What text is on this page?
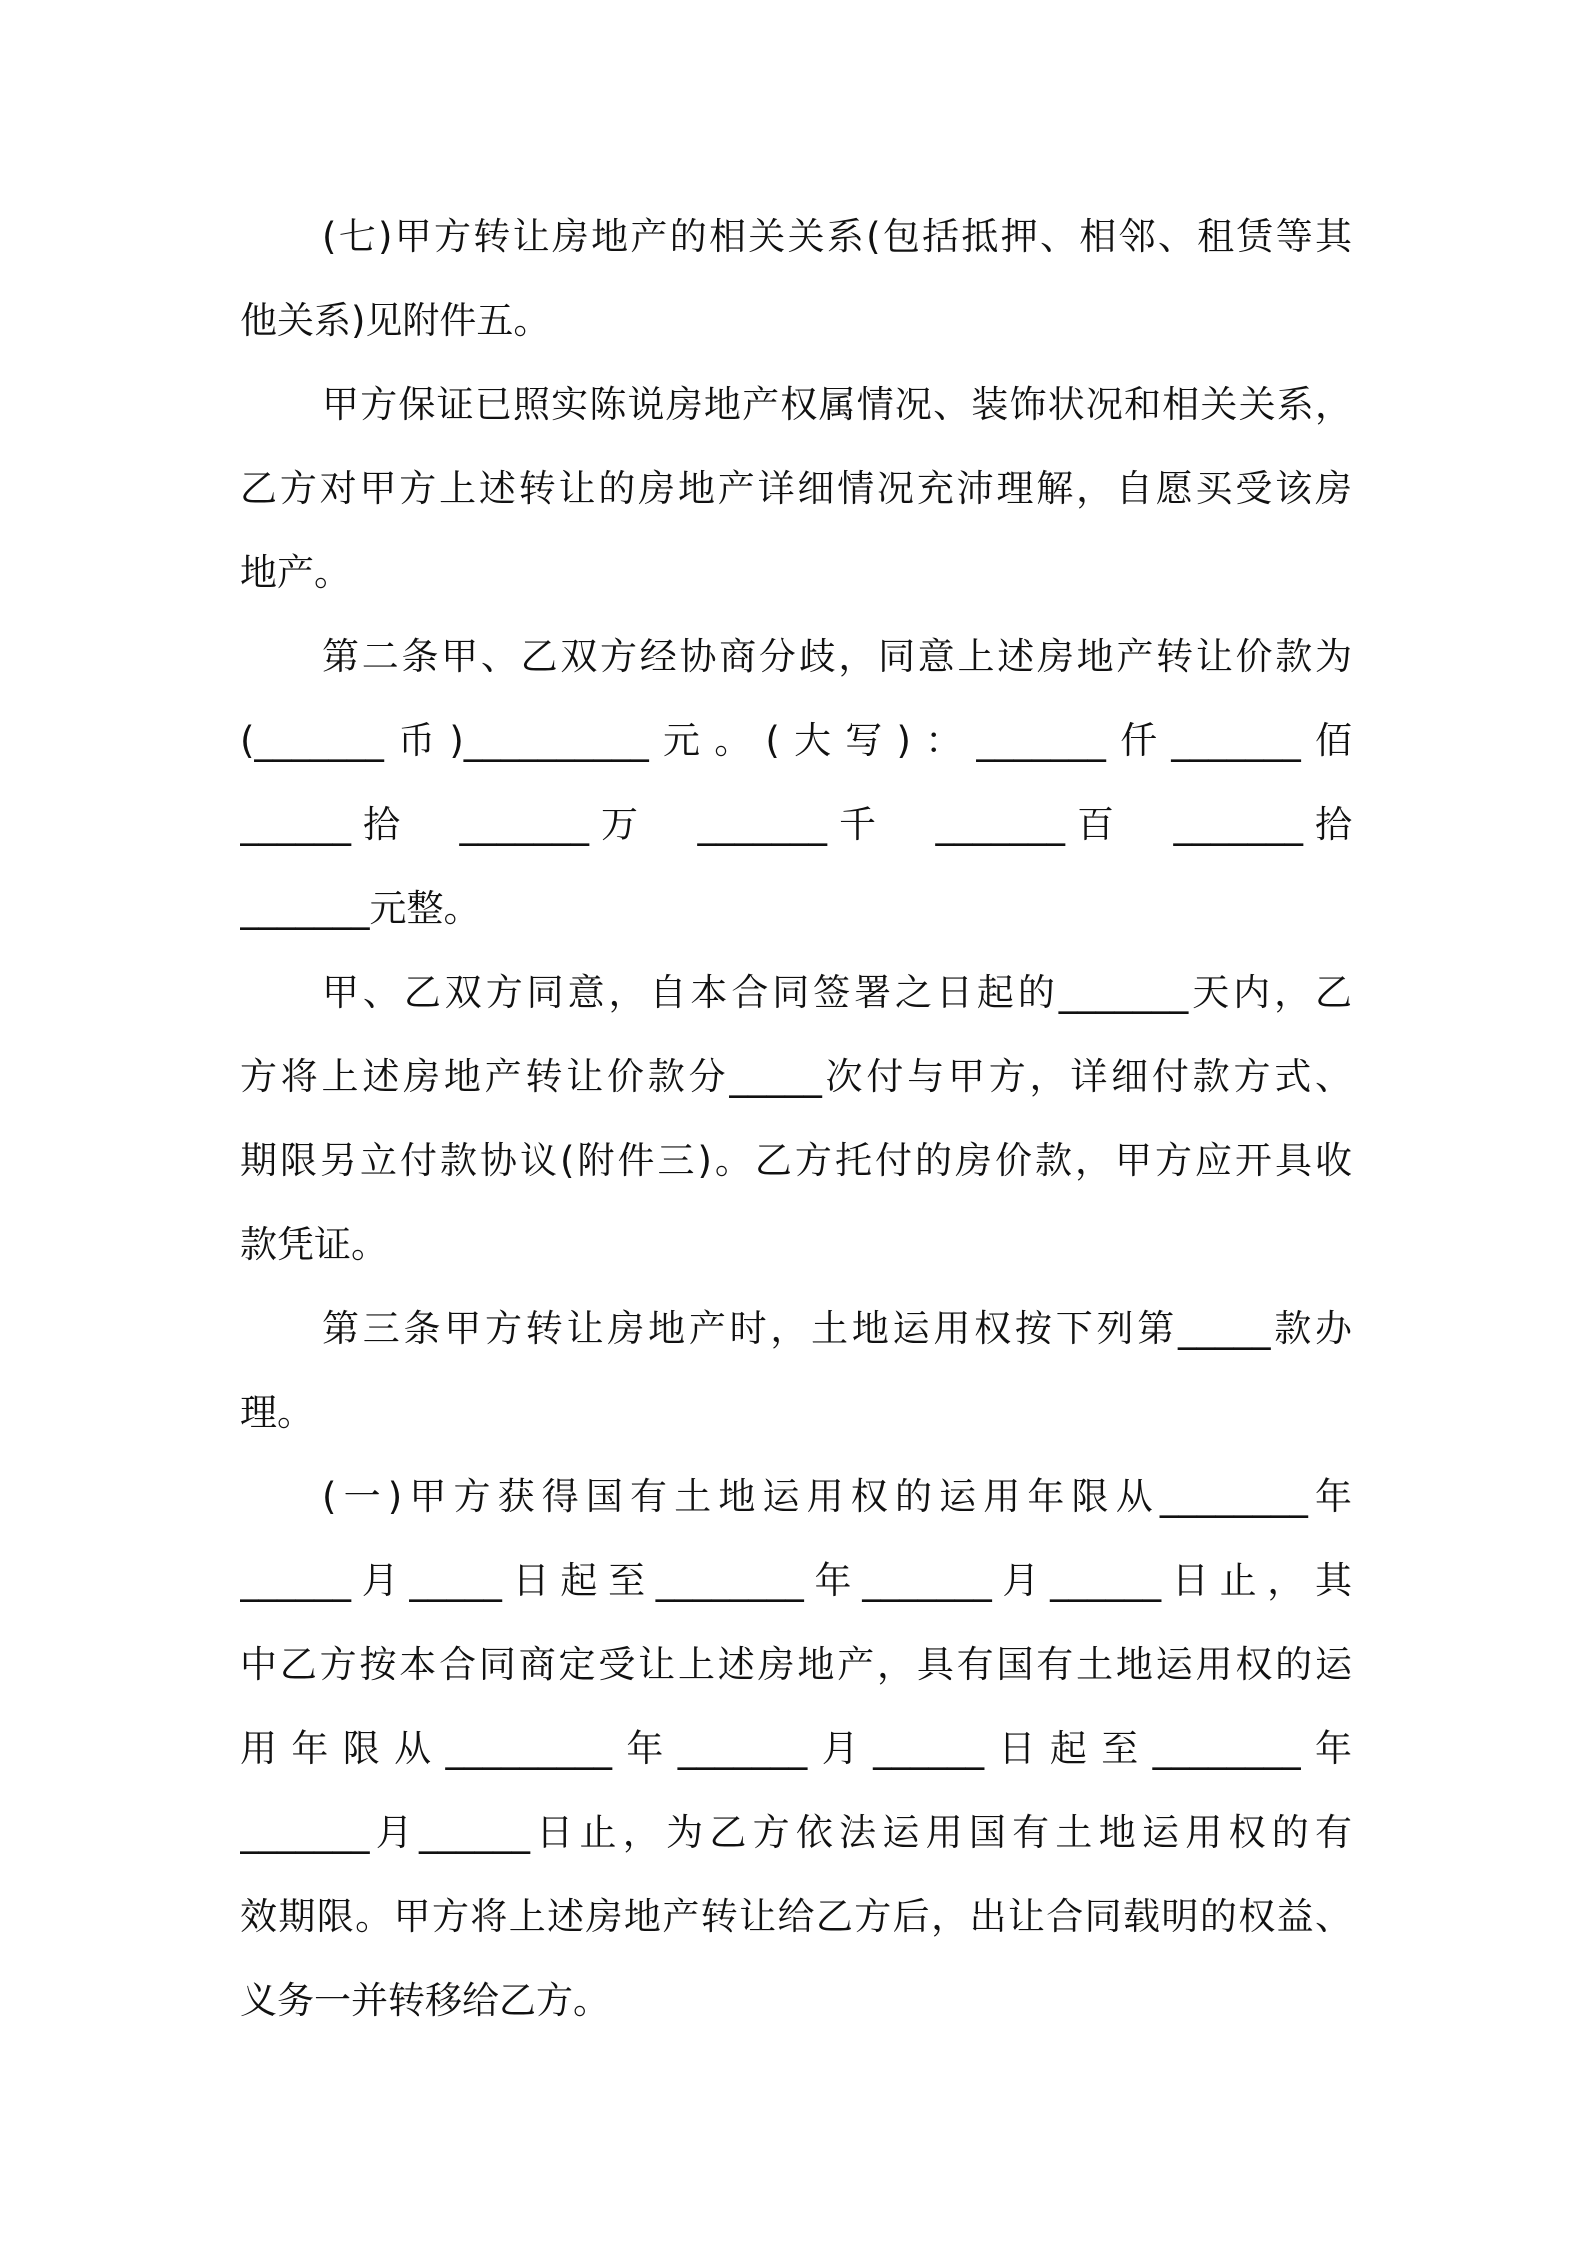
(七)甲方转让房地产的相关关系(包括抵押、相邻、租赁等其
他关系)见附件五。
甲方保证已照实陈说房地产权属情况、装饰状况和相关关系，
乙方对甲方上述转让的房地产详细情况充沛理解，自愿买受该房
地产。
第二条甲、乙双方经协商分歧，同意上述房地产转让价款为
(_______币)__________元。(大写)：_______仟_______佰
______拾  _______万  _______千  _______百  _______拾
_______元整。
甲、乙双方同意，自本合同签署之日起的_______天内，乙
方将上述房地产转让价款分_____次付与甲方，详细付款方式、
期限另立付款协议(附件三)。乙方托付的房价款，甲方应开具收
款凭证。
第三条甲方转让房地产时，土地运用权按下列第_____款办
理。
(一)甲方获得国有土地运用权的运用年限从________年
______月_____日起至________年_______月______日止，其
中乙方按本合同商定受让上述房地产，具有国有土地运用权的运
用年限从_________年_______月______日起至________年
_______月______日止，为乙方依法运用国有土地运用权的有
效期限。甲方将上述房地产转让给乙方后，出让合同载明的权益、
义务一并转移给乙方。
